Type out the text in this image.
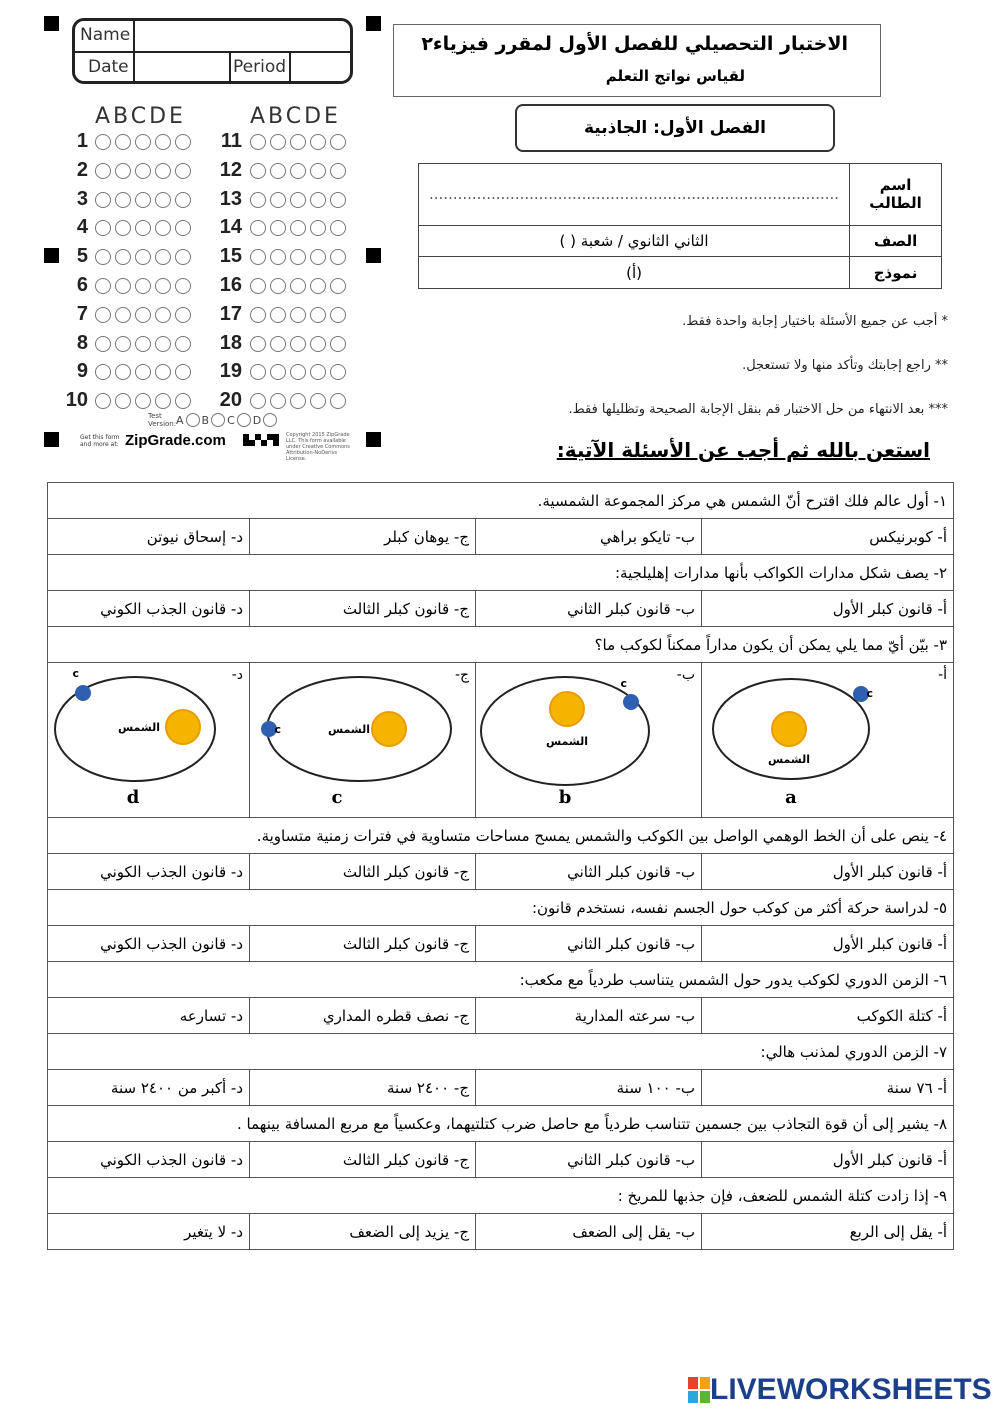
Name
Date	Period
ABCDE	ABCDE
1
2
3
4
5
6
7
8
9
10
11
12
13
14
15
16
17
18
19
20
Test Version: A B C D
Get this form and more at: ZipGrade.com	Copyright 2015 ZipGrade LLC. This form available under Creative Commons Attribution-NoDerivs License.
الاختبار التحصيلي للفصل الأول لمقرر فيزياء٢
لقياس نواتج التعلم
الفصل الأول: الجاذبية
اسم الطالب	......................................................................................
الصف	الثاني الثانوي / شعبة ( )
نموذج	(أ)
* أجب عن جميع الأسئلة باختيار إجابة واحدة فقط.
** راجع إجابتك وتأكد منها ولا تستعجل.
*** بعد الانتهاء من حل الاختبار قم بنقل الإجابة الصحيحة وتظليلها فقط.
استعن بالله ثم أجب عن الأسئلة الآتية:
١- أول عالم فلك اقترح أنّ الشمس هي مركز المجموعة الشمسية.			
أ- كوبرنيكس	ب- تايكو براهي	ج- يوهان كبلر	د- إسحاق نيوتن
٢- يصف شكل مدارات الكواكب بأنها مدارات إهليلجية:			
أ- قانون كبلر الأول	ب- قانون كبلر الثاني	ج- قانون كبلر الثالث	د- قانون الجذب الكوني
٣- بيّن أيّ مما يلي يمكن أن يكون مداراً ممكناً لكوكب ما؟			

أ-
الشمس
c
a	ب-
الشمس
c
b	ج-
الشمس
c
c	د-
الشمس
c
d

٤- ينص على أن الخط الوهمي الواصل بين الكوكب والشمس يمسح مساحات متساوية في فترات زمنية متساوية.			
أ- قانون كبلر الأول	ب- قانون كبلر الثاني	ج- قانون كبلر الثالث	د- قانون الجذب الكوني
٥- لدراسة حركة أكثر من كوكب حول الجسم نفسه، نستخدم قانون:			
أ- قانون كبلر الأول	ب- قانون كبلر الثاني	ج- قانون كبلر الثالث	د- قانون الجذب الكوني
٦- الزمن الدوري لكوكب يدور حول الشمس يتناسب طردياً مع مكعب:			
أ- كتلة الكوكب	ب- سرعته المدارية	ج- نصف قطره المداري	د- تسارعه
٧- الزمن الدوري لمذنب هالي:			
أ- ٧٦ سنة	ب- ١٠٠ سنة	ج- ٢٤٠٠ سنة	د- أكبر من ٢٤٠٠ سنة
٨- يشير إلى أن قوة التجاذب بين جسمين تتناسب طردياً مع حاصل ضرب كتلتيهما، وعكسياً مع مربع المسافة بينهما .			
أ- قانون كبلر الأول	ب- قانون كبلر الثاني	ج- قانون كبلر الثالث	د- قانون الجذب الكوني
٩- إذا زادت كتلة الشمس للضعف، فإن جذبها للمريخ :			
أ- يقل إلى الربع	ب- يقل إلى الضعف	ج- يزيد إلى الضعف	د- لا يتغير
LIVEWORKSHEETS
